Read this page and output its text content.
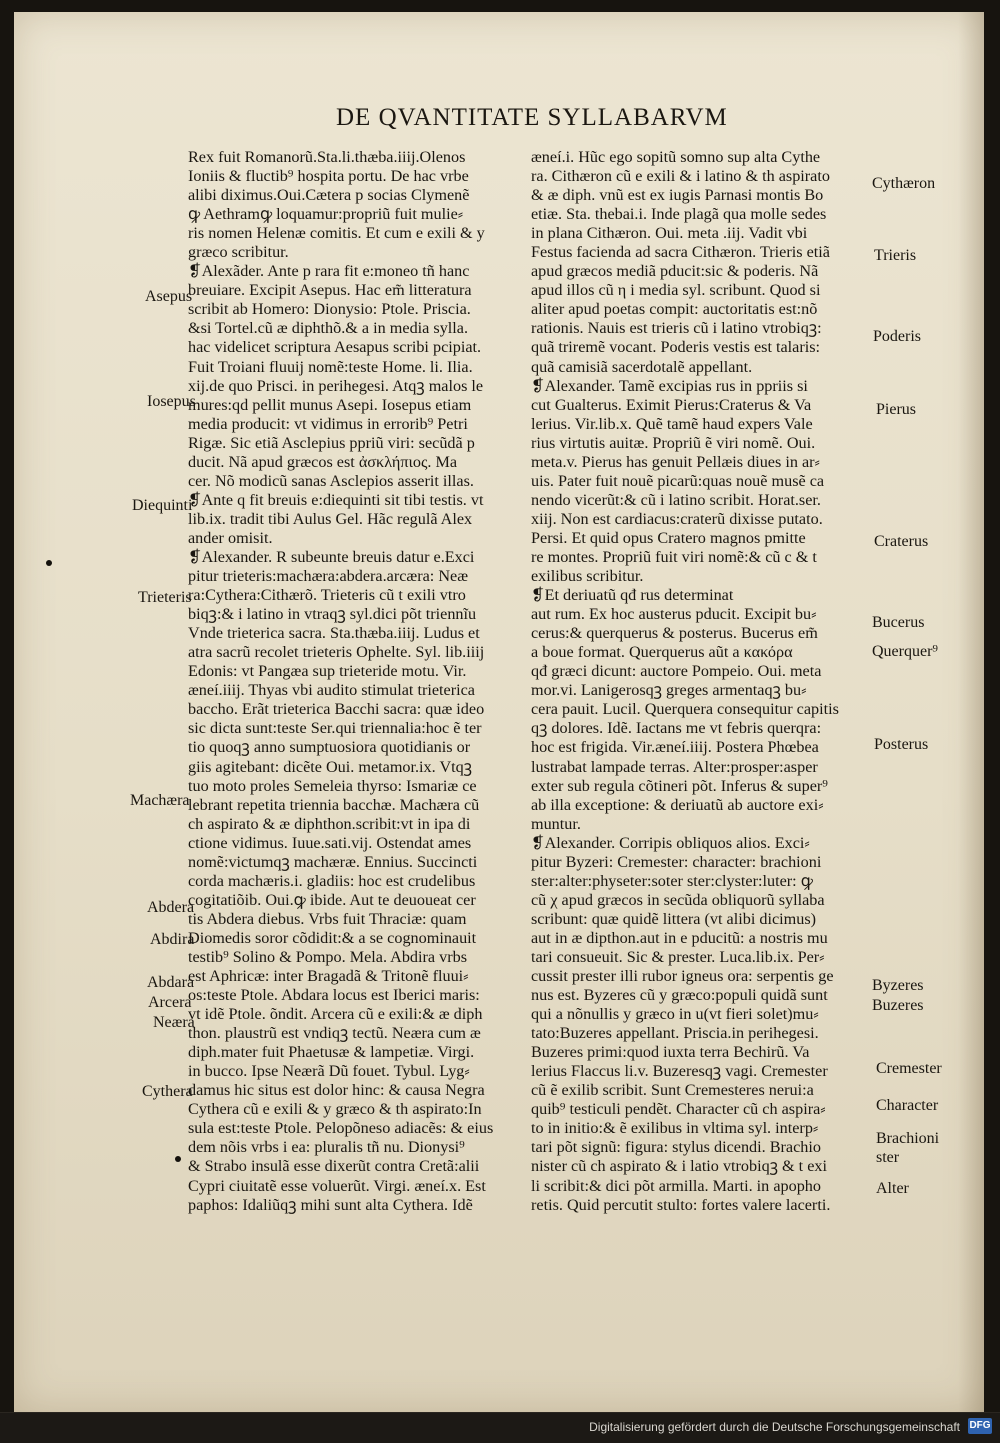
DE QVANTITATE SYLLABARVM
Rex fuit Romanorũ.Sta.li.thæba.iiij.Olenos
Ioniis & fluctib⁹ hospita portu. De hac vrbe
alibi diximus.Oui.Cætera p socias Clymenẽ
ꝙ Aethramꝙ loquamur:propriũ fuit mulie⸗
ris nomen Helenæ comitis. Et cum e exili & y
græco scribitur.
❡Alexãder. Ante p rara fit e:moneo tñ hanc
breuiare. Excipit Asepus. Hac em̃ litteratura
scribit ab Homero: Dionysio: Ptole. Priscia.
&si Tortel.cũ æ diphthõ.& a in media sylla.
hac videlicet scriptura Aesapus scribi pcipiat.
Fuit Troiani fluuij nomẽ:teste Home. li. Ilia.
xij.de quo Prisci. in perihegesi. Atqꝫ malos le
mures:qd pellit munus Asepi. Iosepus etiam
media producit: vt vidimus in errorib⁹ Petri
Rigæ. Sic etiã Asclepius ppriũ viri: secũdã p
ducit. Nã apud græcos est ἀσκλήπιος. Ma
cer. Nõ modicũ sanas Asclepios asserit illas.
❡Ante q fit breuis e:diequinti sit tibi testis. vt
lib.ix. tradit tibi Aulus Gel. Hãc regulã Alex
ander omisit.
❡Alexander. R subeunte breuis datur e.Exci
pitur trieteris:machæra:abdera.arcæra: Neæ
ra:Cythera:Cithærõ. Trieteris cũ t exili vtro
biqꝫ:& i latino in vtraqꝫ syl.dici põt triennĩu
Vnde trieterica sacra. Sta.thæba.iiij. Ludus et
atra sacrũ recolet trieteris Ophelte. Syl. lib.iiij
Edonis: vt Pangæa sup trieteride motu. Vir.
æneí.iiij. Thyas vbi audito stimulat trieterica
baccho. Erãt trieterica Bacchi sacra: quæ ideo
sic dicta sunt:teste Ser.qui triennalia:hoc ẽ ter
tio quoqꝫ anno sumptuosiora quotidianis or
giis agitebant: dicẽte Oui. metamor.ix. Vtqꝫ
tuo moto proles Semeleia thyrso: Ismariæ ce
lebrant repetita triennia bacchæ. Machæra cũ
ch aspirato & æ diphthon.scribit:vt in ipa di
ctione vidimus. Iuue.sati.vij. Ostendat ames
nomẽ:victumqꝫ machæræ. Ennius. Succincti
corda machæris.i. gladiis: hoc est crudelibus
cogitatiõib. Oui.ꝙ ibide. Aut te deuoueat cer
tis Abdera diebus. Vrbs fuit Thraciæ: quam
Diomedis soror cõdidit:& a se cognominauit
testib⁹ Solino & Pompo. Mela. Abdira vrbs
est Aphricæ: inter Bragadã & Tritonẽ fluui⸗
os:teste Ptole. Abdara locus est Iberici maris:
vt idẽ Ptole. õndit. Arcera cũ e exili:& æ diph
thon. plaustrũ est vndiqꝫ tectũ. Neæra cum æ
diph.mater fuit Phaetusæ & lampetiæ. Virgi.
in bucco. Ipse Neærã Dũ fouet. Tybul. Lyg⸗
damus hic situs est dolor hinc: & causa Negra
Cythera cũ e exili & y græco & th aspirato:In
sula est:teste Ptole. Pelopõneso adiacẽs: & eius
dem nõis vrbs i ea: pluralis tñ nu. Dionysi⁹
& Strabo insulã esse dixerũt contra Cretã:alii
Cypri ciuitatẽ esse voluerũt. Virgi. æneí.x. Est
paphos: Idaliũqꝫ mihi sunt alta Cythera. Idẽ
æneí.i. Hũc ego sopitũ somno sup alta Cythe
ra. Cithæron cũ e exili & i latino & th aspirato
& æ diph. vnũ est ex iugis Parnasi montis Bo
etiæ. Sta. thebai.i. Inde plagã qua molle sedes
in plana Cithæron. Oui. meta .iij. Vadit vbi
Festus facienda ad sacra Cithæron. Trieris etiã
apud græcos mediã pducit:sic & poderis. Nã
apud illos cũ η i media syl. scribunt. Quod si
aliter apud poetas compit: auctoritatis est:nõ
rationis. Nauis est trieris cũ i latino vtrobiqꝫ:
quã triremẽ vocant. Poderis vestis est talaris:
quã camisiã sacerdotalẽ appellant.
❡Alexander. Tamẽ excipias rus in ppriis si
cut Gualterus. Eximit Pierus:Craterus & Va
lerius. Vir.lib.x. Quẽ tamẽ haud expers Vale
rius virtutis auitæ. Propriũ ẽ viri nomẽ. Oui.
meta.v. Pierus has genuit Pellæis diues in ar⸗
uis. Pater fuit nouẽ picarũ:quas nouẽ musẽ ca
nendo vicerũt:& cũ i latino scribit. Horat.ser.
xiij. Non est cardiacus:craterũ dixisse putato.
Persi. Et quid opus Cratero magnos pmitte
re montes. Propriũ fuit viri nomẽ:& cũ c & t
exilibus scribitur.
❡Et deriuatũ qđ rus determinat
aut rum. Ex hoc austerus pducit. Excipit bu⸗
cerus:& querquerus & posterus. Bucerus em̃
a boue format. Querquerus aũt a κακόρα
qđ græci dicunt: auctore Pompeio. Oui. meta
mor.vi. Lanigerosqꝫ greges armentaqꝫ bu⸗
cera pauit. Lucil. Querquera consequitur capitis
qꝫ dolores. Idẽ. Iactans me vt febris querqra:
hoc est frigida. Vir.æneí.iiij. Postera Phœbea
lustrabat lampade terras. Alter:prosper:asper
exter sub regula cõtineri põt. Inferus & super⁹
ab illa exceptione: & deriuatũ ab auctore exi⸗
muntur.
❡Alexander. Corripis obliquos alios. Exci⸗
pitur Byzeri: Cremester: character: brachioni
ster:alter:physeter:soter ster:clyster:luter: ꝙ
cũ χ apud græcos in secũda obliquorũ syllaba
scribunt: quæ quidẽ littera (vt alibi dicimus)
aut in æ dipthon.aut in e pducitũ: a nostris mu
tari consueuit. Sic & prester. Luca.lib.ix. Per⸗
cussit prester illi rubor igneus ora: serpentis ge
nus est. Byzeres cũ y græco:populi quidã sunt
qui a nõnullis y græco in u(vt fieri solet)mu⸗
tato:Buzeres appellant. Priscia.in perihegesi.
Buzeres primi:quod iuxta terra Bechirũ. Va
lerius Flaccus li.v. Buzeresqꝫ vagi. Cremester
cũ ẽ exilib scribit. Sunt Cremesteres nerui:a
quib⁹ testiculi pendẽt. Character cũ ch aspira⸗
to in initio:& ẽ exilibus in vltima syl. interp⸗
tari põt signũ: figura: stylus dicendi. Brachio
nister cũ ch aspirato & i latio vtrobiqꝫ & t exi
li scribit:& dici põt armilla. Marti. in apopho
retis. Quid percutit stulto: fortes valere lacerti.
Asepus
Iosepus
Diequinti
Trieteris
Machæra
Abdera
Abdira
Abdara
Arcera
Neæra
Cythera
Cythæron
Trieris
Poderis
Pierus
Craterus
Bucerus
Querquer⁹
Posterus
Byzeres
Buzeres
Cremester
Character
Brachioni
ster
Alter
Digitalisierung gefördert durch die Deutsche Forschungsgemeinschaft DFG
